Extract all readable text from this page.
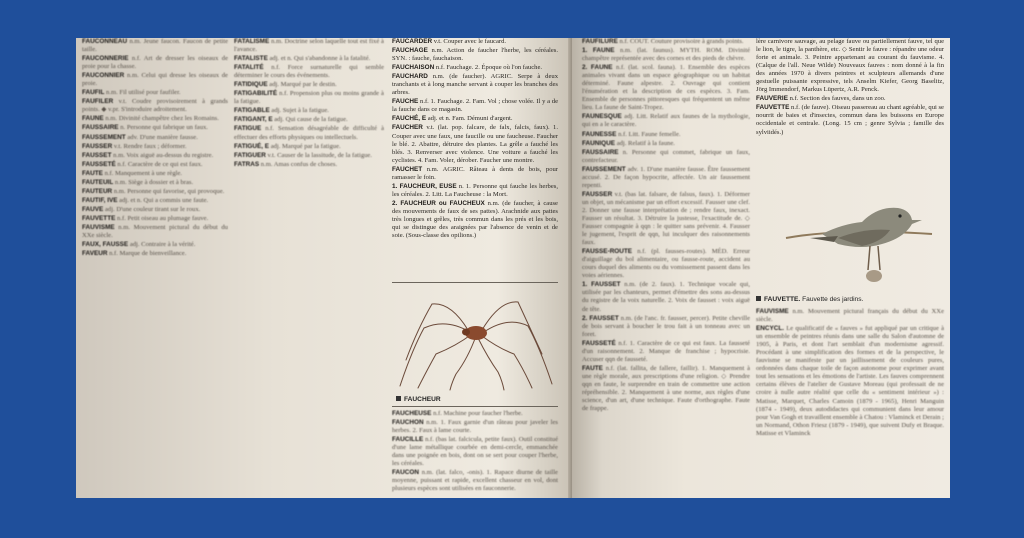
FAUCONNEAU n.m. Jeune faucon. Faucon de petite taille.
FAUCONNERIE n.f. Art de dresser les oiseaux de proie pour la chasse.
FAUCONNIER n.m. Celui qui dresse les oiseaux de proie.
FAUFIL n.m. Fil utilisé pour faufiler.
FAUFILER v.t. Coudre provisoirement à grands points. ◆ v.pr. S'introduire adroitement.
FAUNE n.m. Divinité champêtre chez les Romains.
FAUSSAIRE n. Personne qui fabrique un faux.
FAUSSEMENT adv. D'une manière fausse.
FAUSSER v.t. Rendre faux ; déformer.
FAUSSET n.m. Voix aiguë au-dessus du registre.
FAUSSETÉ n.f. Caractère de ce qui est faux.
FAUTE n.f. Manquement à une règle.
FAUTEUIL n.m. Siège à dossier et à bras.
FAUTEUR n.m. Personne qui favorise, qui provoque.
FAUTIF, IVE adj. et n. Qui a commis une faute.
FAUVE adj. D'une couleur tirant sur le roux.
FAUVETTE n.f. Petit oiseau au plumage fauve.
FAUVISME n.m. Mouvement pictural du début du XXe siècle.
FAUX, FAUSSE adj. Contraire à la vérité.
FAVEUR n.f. Marque de bienveillance.
FATALISME n.m. Doctrine selon laquelle tout est fixé à l'avance.
FATALISTE adj. et n. Qui s'abandonne à la fatalité.
FATALITÉ n.f. Force surnaturelle qui semble déterminer le cours des événements.
FATIDIQUE adj. Marqué par le destin.
FATIGABILITÉ n.f. Propension plus ou moins grande à la fatigue.
FATIGABLE adj. Sujet à la fatigue.
FATIGANT, E adj. Qui cause de la fatigue.
FATIGUE n.f. Sensation désagréable de difficulté à effectuer des efforts physiques ou intellectuels.
FATIGUÉ, E adj. Marqué par la fatigue.
FATIGUER v.t. Causer de la lassitude, de la fatigue.
FATRAS n.m. Amas confus de choses.
FAUCARDER v.t. Couper avec le faucard.
FAUCHAGE n.m. Action de faucher l'herbe, les céréales. SYN. : fauche, fauchaison.
FAUCHAISON n.f. Fauchage. 2. Époque où l'on fauche.
FAUCHARD n.m. (de faucher). AGRIC. Serpe à deux tranchants et à long manche servant à couper les branches des arbres.
FAUCHE n.f. 1. Fauchage. 2. Fam. Vol ; chose volée. Il y a de la fauche dans ce magasin.
FAUCHÉ, E adj. et n. Fam. Démuni d'argent.
FAUCHER v.t. (lat. pop. falcare, de falx, falcis, faux). 1. Couper avec une faux, une faucille ou une faucheuse. Faucher le blé. 2. Abattre, détruire des plantes. La grêle a fauché les blés. 3. Renverser avec violence. Une voiture a fauché les cyclistes. 4. Fam. Voler, dérober. Faucher une montre.
FAUCHET n.m. AGRIC. Râteau à dents de bois, pour ramasser le foin.
1. FAUCHEUR, EUSE n. 1. Personne qui fauche les herbes, les céréales. 2. Litt. La Faucheuse : la Mort.
2. FAUCHEUR ou FAUCHEUX n.m. (de faucher, à cause des mouvements de faux de ses pattes). Arachnide aux pattes très longues et grêles, très commun dans les prés et les bois, qui se distingue des araignées par l'absence de venin et de soie. (Sous-classe des opilions.)
FAUCHEUR
FAUCHEUSE n.f. Machine pour faucher l'herbe.
FAUCHON n.m. 1. Faux garnie d'un râteau pour javeler les herbes. 2. Faux à lame courte.
FAUCILLE n.f. (bas lat. falcicula, petite faux). Outil constitué d'une lame métallique courbée en demi-cercle, emmanchée dans une poignée en bois, dont on se sert pour couper l'herbe, les céréales.
FAUCON n.m. (lat. falco, -onis). 1. Rapace diurne de taille moyenne, puissant et rapide, excellent chasseur en vol, dont plusieurs espèces sont utilisées en fauconnerie.
FAUFILURE n.f. COUT. Couture provisoire à grands points.
1. FAUNE n.m. (lat. faunus). MYTH. ROM. Divinité champêtre représentée avec des cornes et des pieds de chèvre.
2. FAUNE n.f. (lat. scol. fauna). 1. Ensemble des espèces animales vivant dans un espace géographique ou un habitat déterminé. Faune alpestre. 2. Ouvrage qui contient l'énumération et la description de ces espèces. 3. Fam. Ensemble de personnes pittoresques qui fréquentent un même lieu. La faune de Saint-Tropez.
FAUNESQUE adj. Litt. Relatif aux faunes de la mythologie, qui en a le caractère.
FAUNESSE n.f. Litt. Faune femelle.
FAUNIQUE adj. Relatif à la faune.
FAUSSAIRE n. Personne qui commet, fabrique un faux, contrefacteur.
FAUSSEMENT adv. 1. D'une manière fausse. Être faussement accusé. 2. De façon hypocrite, affectée. Un air faussement repenti.
FAUSSER v.t. (bas lat. falsare, de falsus, faux). 1. Déformer un objet, un mécanisme par un effort excessif. Fausser une clef. 2. Donner une fausse interprétation de ; rendre faux, inexact. Fausser un résultat. 3. Détruire la justesse, l'exactitude de. ◇ Fausser compagnie à qqn : le quitter sans prévenir. 4. Fausser le jugement, l'esprit de qqn, lui inculquer des raisonnements faux.
FAUSSE-ROUTE n.f. (pl. fausses-routes). MÉD. Erreur d'aiguillage du bol alimentaire, ou fausse-route, accident au cours duquel des aliments ou du vomissement passent dans les voies aériennes.
1. FAUSSET n.m. (de 2. faux). 1. Technique vocale qui, utilisée par les chanteurs, permet d'émettre des sons au-dessus du registre de la voix naturelle. 2. Voix de fausset : voix aiguë de tête.
2. FAUSSET n.m. (de l'anc. fr. fausser, percer). Petite cheville de bois servant à boucher le trou fait à un tonneau avec un foret.
FAUSSETÉ n.f. 1. Caractère de ce qui est faux. La fausseté d'un raisonnement. 2. Manque de franchise ; hypocrisie. Accuser qqn de fausseté.
FAUTE n.f. (lat. fallita, de fallere, faillir). 1. Manquement à une règle morale, aux prescriptions d'une religion. ◇ Prendre qqn en faute, le surprendre en train de commettre une action répréhensible. 2. Manquement à une norme, aux règles d'une science, d'un art, d'une technique. Faute d'orthographe. Faute de frappe.
lère carnivore sauvage, au pelage fauve ou partiellement fauve, tel que le lion, le tigre, la panthère, etc. ◇ Sentir le fauve : répandre une odeur forte et animale. 3. Peintre appartenant au courant du fauvisme. 4. (Calque de l'all. Neue Wilde) Nouveaux fauves : nom donné à la fin des années 1970 à divers peintres et sculpteurs allemands d'une gestuelle puissante expressive, tels Anselm Kiefer, Georg Baselitz, Jörg Immendorf, Markus Lüpertz, A.R. Penck.
FAUVERIE n.f. Section des fauves, dans un zoo.
FAUVETTE n.f. (de fauve). Oiseau passereau au chant agréable, qui se nourrit de baies et d'insectes, commun dans les buissons en Europe occidentale et centrale. (Long. 15 cm ; genre Sylvia ; famille des sylviidés.)
FAUVETTE. Fauvette des jardins.
FAUVISME n.m. Mouvement pictural français du début du XXe siècle.
ENCYCL. Le qualificatif de « fauves » fut appliqué par un critique à un ensemble de peintres réunis dans une salle du Salon d'automne de 1905, à Paris, et dont l'art semblait d'un modernisme agressif. Procédant à une simplification des formes et de la perspective, le fauvisme se manifeste par un jaillissement de couleurs pures, ordonnées dans chaque toile de façon autonome pour exprimer avant tout les sensations et les émotions de l'artiste. Les fauves comprennent certains élèves de l'atelier de Gustave Moreau (qui professait de ne croire à nulle autre réalité que celle du « sentiment intérieur ») : Matisse, Marquet, Charles Camoin (1879 - 1965), Henri Manguin (1874 - 1949), deux autodidactes qui communient dans leur amour pour Van Gogh et travaillent ensemble à Chatou : Vlaminck et Derain ; un Normand, Othon Friesz (1879 - 1949), que suivent Dufy et Braque. Matisse et Vlaminck
